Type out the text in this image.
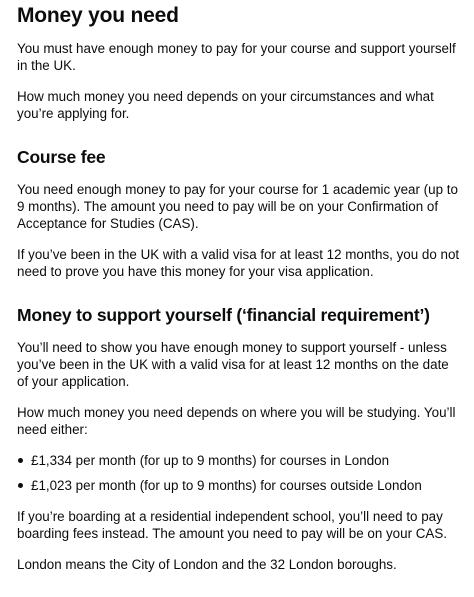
Money you need

You must have enough money to pay for your course and support yourself in the UK.

How much money you need depends on your circumstances and what you’re applying for.

Course fee

You need enough money to pay for your course for 1 academic year (up to 9 months). The amount you need to pay will be on your Confirmation of Acceptance for Studies (CAS).

If you’ve been in the UK with a valid visa for at least 12 months, you do not need to prove you have this money for your visa application.

Money to support yourself (‘financial requirement’)

You’ll need to show you have enough money to support yourself - unless you’ve been in the UK with a valid visa for at least 12 months on the date of your application.

How much money you need depends on where you will be studying. You’ll need either:

£1,334 per month (for up to 9 months) for courses in London
£1,023 per month (for up to 9 months) for courses outside London

If you’re boarding at a residential independent school, you’ll need to pay boarding fees instead. The amount you need to pay will be on your CAS.

London means the City of London and the 32 London boroughs.
